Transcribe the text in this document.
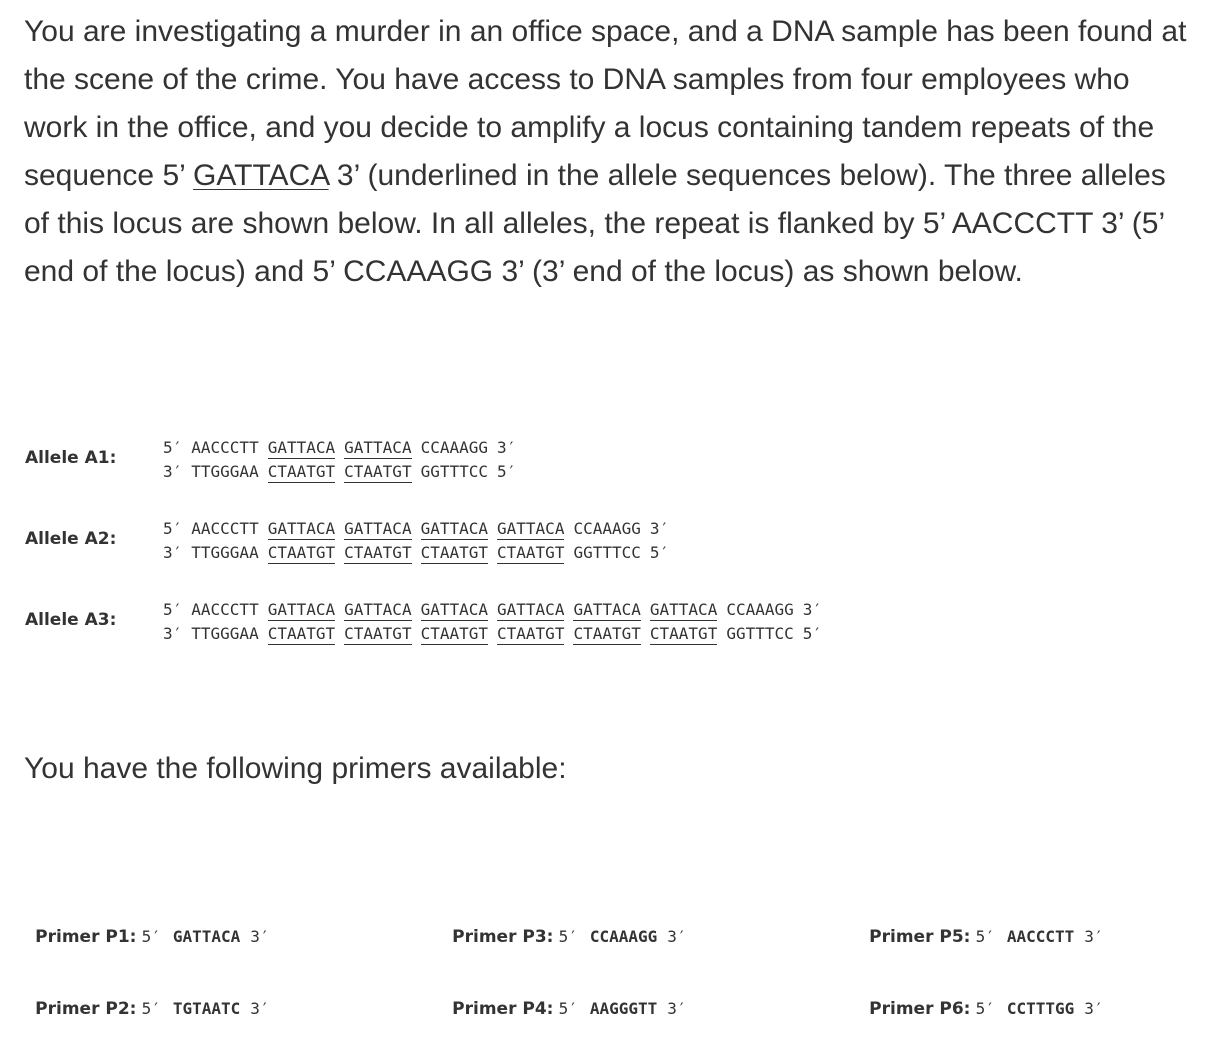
You are investigating a murder in an office space, and a DNA sample has been found at the scene of the crime. You have access to DNA samples from four employees who work in the office, and you decide to amplify a locus containing tandem repeats of the sequence 5’ GATTACA 3’ (underlined in the allele sequences below). The three alleles of this locus are shown below. In all alleles, the repeat is flanked by 5’ AACCCTT 3’ (5’ end of the locus) and 5’ CCAAAGG 3’ (3’ end of the locus) as shown below.

Allele A1:
5′ AACCCTT GATTACA GATTACA CCAAAGG 3′
3′ TTGGGAA CTAATGT CTAATGT GGTTTCC 5′
Allele A2:
5′ AACCCTT GATTACA GATTACA GATTACA GATTACA CCAAAGG 3′
3′ TTGGGAA CTAATGT CTAATGT CTAATGT CTAATGT GGTTTCC 5′
Allele A3:
5′ AACCCTT GATTACA GATTACA GATTACA GATTACA GATTACA GATTACA CCAAAGG 3′
3′ TTGGGAA CTAATGT CTAATGT CTAATGT CTAATGT CTAATGT CTAATGT GGTTTCC 5′

You have the following primers available:

Primer P1: 5′ GATTACA 3′

Primer P2: 5′ TGTAATC 3′

Primer P3: 5′ CCAAAGG 3′

Primer P4: 5′ AAGGGTT 3′

Primer P5: 5′ AACCCTT 3′

Primer P6: 5′ CCTTTGG 3′
